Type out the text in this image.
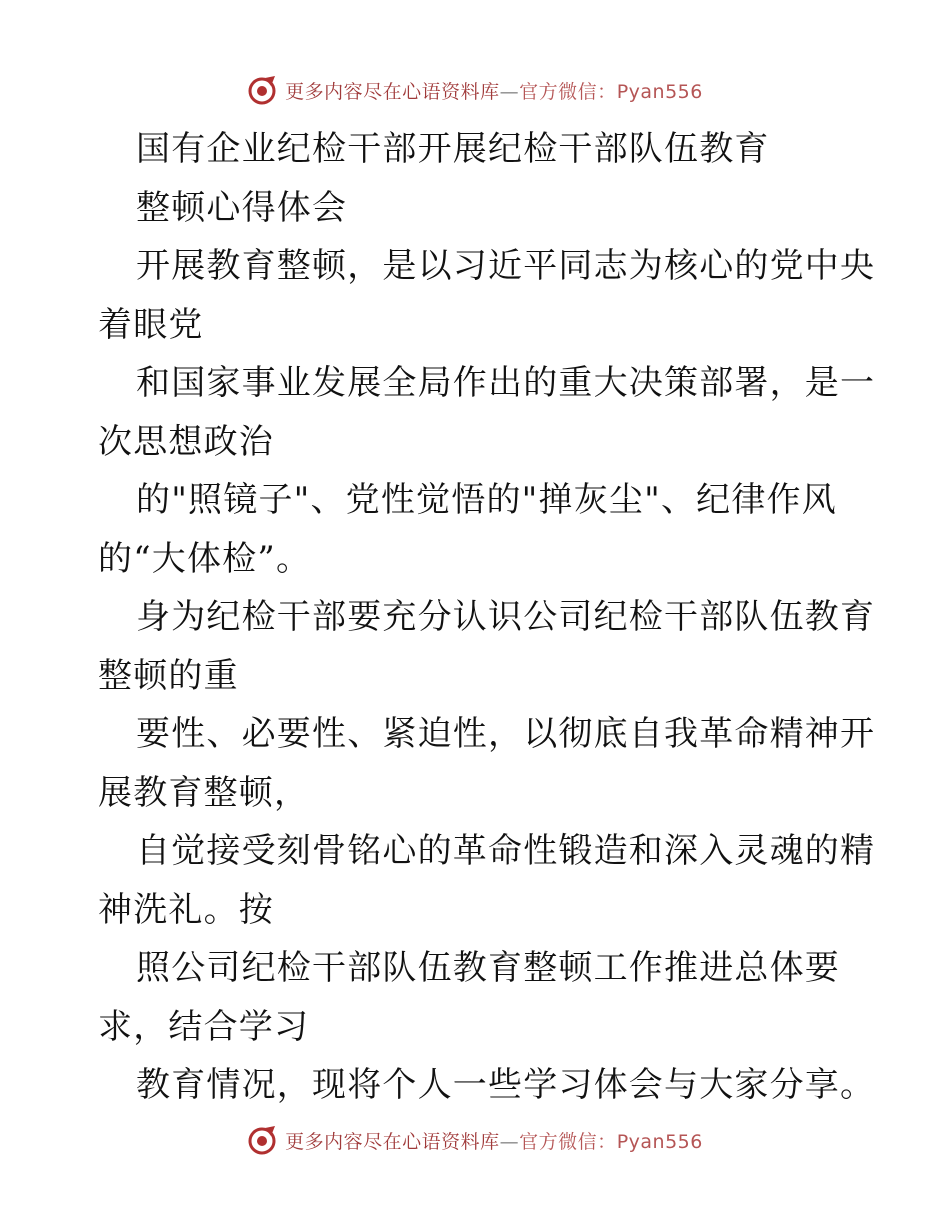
更多内容尽在心语资料库—官方微信：Pyan556
国有企业纪检干部开展纪检干部队伍教育
整顿心得体会
开展教育整顿，是以习近平同志为核心的党中央
着眼党
和国家事业发展全局作出的重大决策部署，是一
次思想政治
的"照镜子"、党性觉悟的"掸灰尘"、纪律作风
的“大体检”。
身为纪检干部要充分认识公司纪检干部队伍教育
整顿的重
要性、必要性、紧迫性，以彻底自我革命精神开
展教育整顿，
自觉接受刻骨铭心的革命性锻造和深入灵魂的精
神洗礼。按
照公司纪检干部队伍教育整顿工作推进总体要
求，结合学习
教育情况，现将个人一些学习体会与大家分享。
更多内容尽在心语资料库—官方微信：Pyan556
